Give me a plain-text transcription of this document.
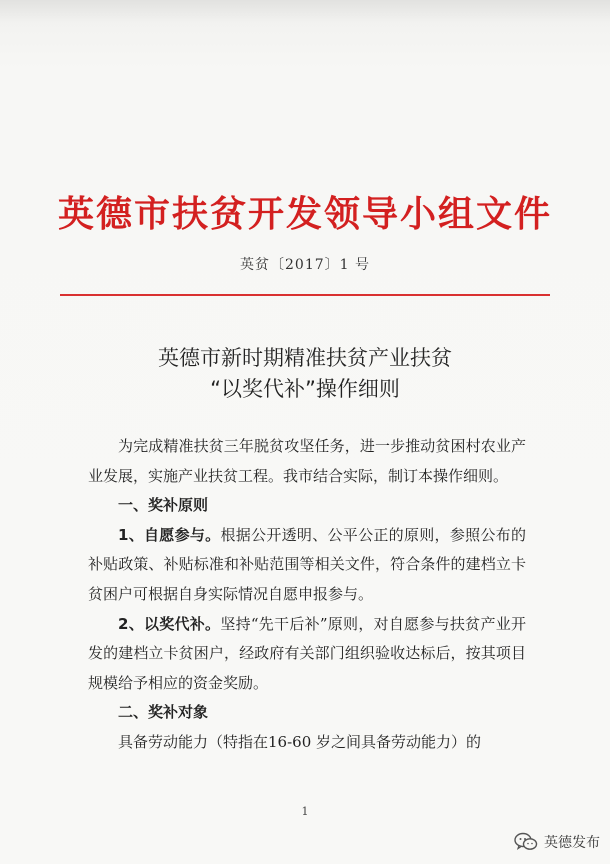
英德市扶贫开发领导小组文件
英贫〔2017〕1 号
英德市新时期精准扶贫产业扶贫
“以奖代补”操作细则

为完成精准扶贫三年脱贫攻坚任务，进一步推动贫困村农业产业发展，实施产业扶贫工程。我市结合实际，制订本操作细则。

一、奖补原则

1、自愿参与。根据公开透明、公平公正的原则，参照公布的补贴政策、补贴标准和补贴范围等相关文件，符合条件的建档立卡贫困户可根据自身实际情况自愿申报参与。

2、以奖代补。坚持“先干后补”原则，对自愿参与扶贫产业开发的建档立卡贫困户，经政府有关部门组织验收达标后，按其项目规模给予相应的资金奖励。

二、奖补对象

具备劳动能力（特指在16-60 岁之间具备劳动能力）的

1
英德发布
